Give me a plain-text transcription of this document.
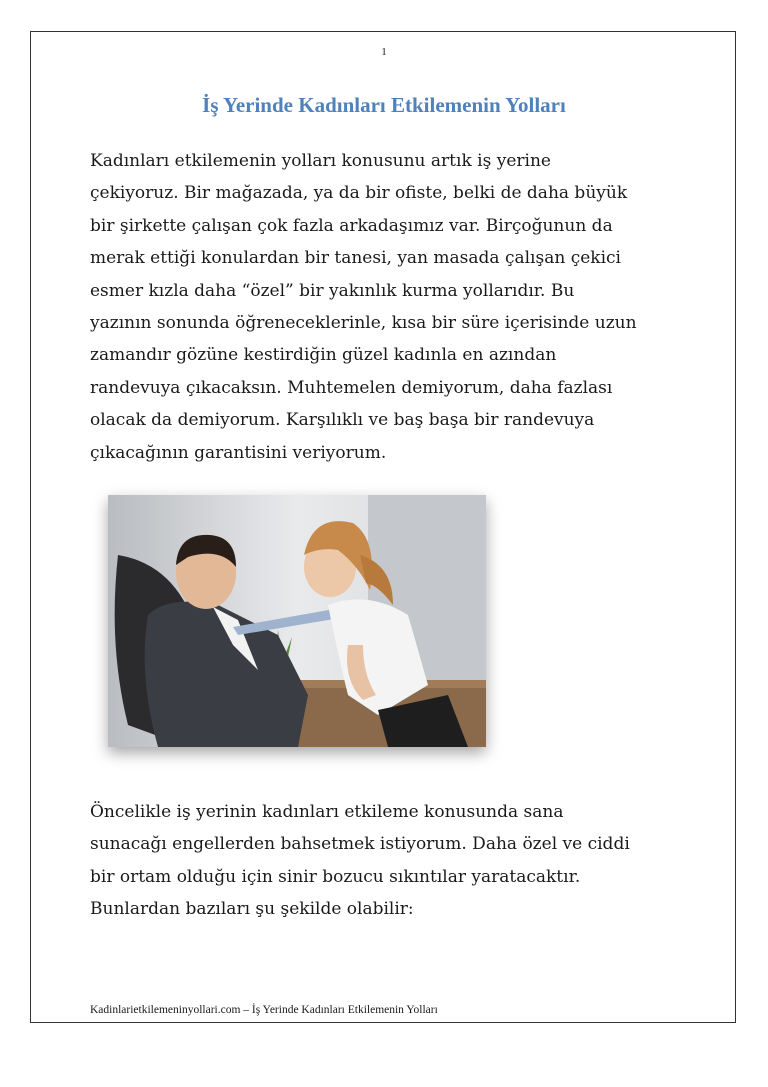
1
İş Yerinde Kadınları Etkilemenin Yolları
Kadınları etkilemenin yolları konusunu artık iş yerine
çekiyoruz. Bir mağazada, ya da bir ofiste, belki de daha büyük
bir şirkette çalışan çok fazla arkadaşımız var. Birçoğunun da
merak ettiği konulardan bir tanesi, yan masada çalışan çekici
esmer kızla daha “özel” bir yakınlık kurma yollarıdır. Bu
yazının sonunda öğreneceklerinle, kısa bir süre içerisinde uzun
zamandır gözüne kestirdiğin güzel kadınla en azından
randevuya çıkacaksın. Muhtemelen demiyorum, daha fazlası
olacak da demiyorum. Karşılıklı ve baş başa bir randevuya
çıkacağının garantisini veriyorum.
Öncelikle iş yerinin kadınları etkileme konusunda sana
sunacağı engellerden bahsetmek istiyorum. Daha özel ve ciddi
bir ortam olduğu için sinir bozucu sıkıntılar yaratacaktır.
Bunlardan bazıları şu şekilde olabilir:
Kadinlarietkilemeninyollari.com – İş Yerinde Kadınları Etkilemenin Yolları
